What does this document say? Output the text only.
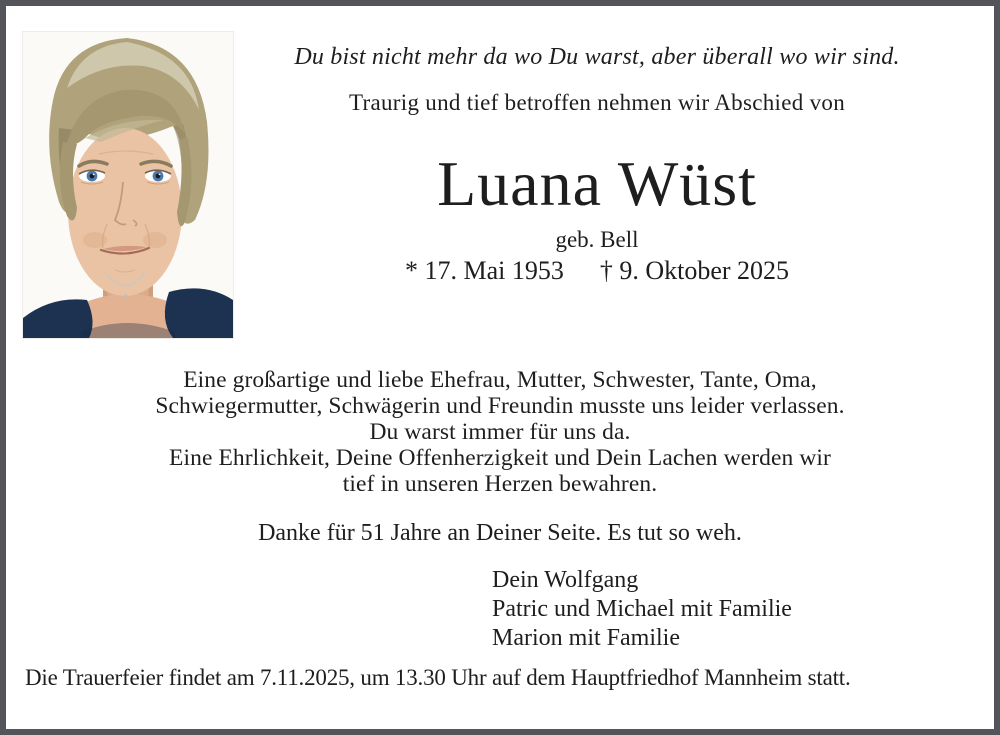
Du bist nicht mehr da wo Du warst, aber überall wo wir sind.
Traurig und tief betroffen nehmen wir Abschied von
Luana Wüst
geb. Bell
* 17. Mai 1953 † 9. Oktober 2025
Eine großartige und liebe Ehefrau, Mutter, Schwester, Tante, Oma,
Schwiegermutter, Schwägerin und Freundin musste uns leider verlassen.
Du warst immer für uns da.
Eine Ehrlichkeit, Deine Offenherzigkeit und Dein Lachen werden wir
tief in unseren Herzen bewahren.
Danke für 51 Jahre an Deiner Seite. Es tut so weh.
Dein Wolfgang
Patric und Michael mit Familie
Marion mit Familie
Die Trauerfeier findet am 7.11.2025, um 13.30 Uhr auf dem Hauptfriedhof Mannheim statt.
